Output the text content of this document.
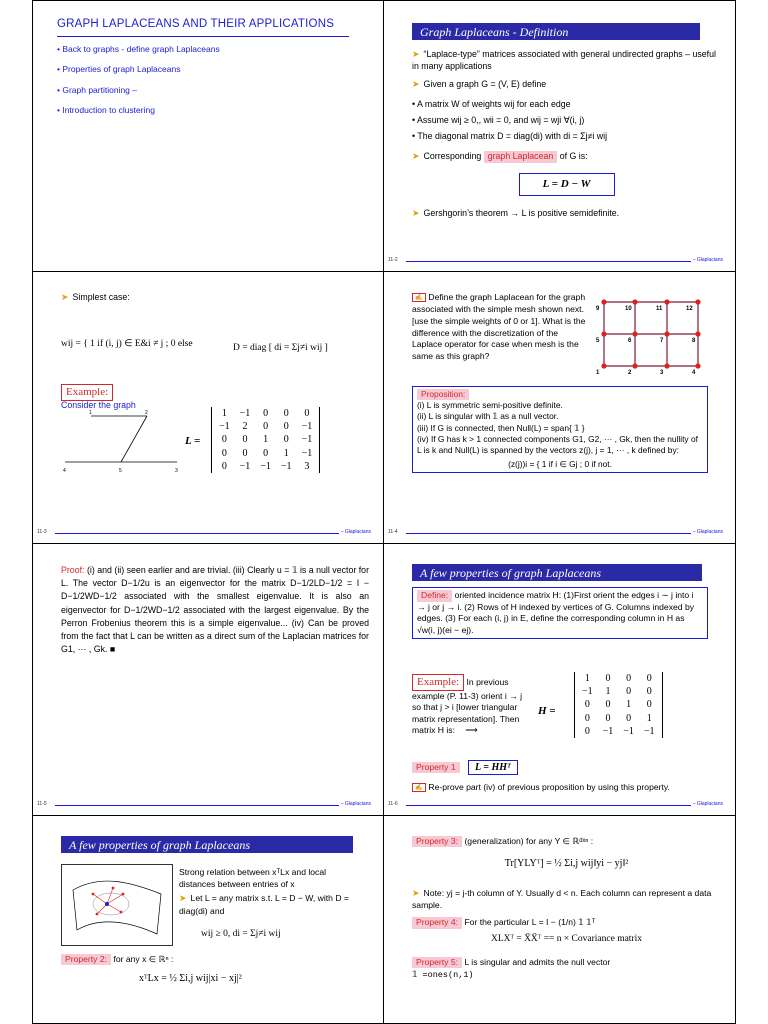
GRAPH LAPLACEANS AND THEIR APPLICATIONS
• Back to graphs - define graph Laplaceans
• Properties of graph Laplaceans
• Graph partitioning –
• Introduction to clustering
Graph Laplaceans - Definition
➤ “Laplace-type” matrices associated with general undirected graphs – useful in many applications
➤ Given a graph G = (V, E) define
• A matrix W of weights wij for each edge
• Assume wij ≥ 0,, wii = 0, and wij = wji ∀(i, j)
• The diagonal matrix D = diag(di) with di = Σj≠i wij
➤ Corresponding graph Laplacean of G is:
L = D − W
➤ Gershgorin’s theorem → L is positive semidefinite.
11-2	– Glaplacians
➤ Simplest case:
wij = { 1 if (i, j) ∈ E&i ≠ j ; 0 else	D = diag [ di = Σj≠i wij ]
Example:
Consider the graph
1	2
3
4	5
L =
1	−1	0	0	0
−1	2	0	0	−1
0	0	1	0	−1
0	0	0	1	−1
0	−1	−1	−1	3
11-3	– Glaplacians
✍ Define the graph Laplacean for the graph associated with the simple mesh shown next. [use the simple weights of 0 or 1]. What is the difference with the discretization of the Laplace operator for case when mesh is the same as this graph?
9	10	11	12
5	6	7	8
1	2	3	4
Proposition:
(i) L is symmetric semi-positive definite.
(ii) L is singular with 𝟙 as a null vector.
(iii) If G is connected, then Null(L) = span{ 𝟙 }
(iv) If G has k > 1 connected components G1, G2, ··· , Gk, then the nullity of L is k and Null(L) is spanned by the vectors z(j), j = 1, ··· , k defined by:
(z(j))i = { 1 if i ∈ Gj ; 0 if not.
11-4	– Glaplacians
Proof: (i) and (ii) seen earlier and are trivial. (iii) Clearly u = 𝟙 is a null vector for L. The vector D−1/2u is an eigenvector for the matrix D−1/2LD−1/2 = I − D−1/2WD−1/2 associated with the smallest eigenvalue. It is also an eigenvector for D−1/2WD−1/2 associated with the largest eigenvalue. By the Perron Frobenius theorem this is a simple eigenvalue... (iv) Can be proved from the fact that L can be written as a direct sum of the Laplacian matrices for G1, ··· , Gk. ■
11-5	– Glaplacians
A few properties of graph Laplaceans
Define: oriented incidence matrix H: (1)First orient the edges i ∼ j into i → j or j → i. (2) Rows of H indexed by vertices of G. Columns indexed by edges. (3) For each (i, j) in E, define the corresponding column in H as √w(i, j)(ei − ej).
Example: In previous example (P. 11-3) orient i → j so that j > i [lower triangular matrix representation]. Then matrix H is: ⟶
H =
1	0	0	0
−1	1	0	0
0	0	1	0
0	0	0	1
0	−1	−1	−1
Property 1 L = HHᵀ
✍ Re-prove part (iv) of previous proposition by using this property.
11-6	– Glaplacians
A few properties of graph Laplaceans
Strong relation between xᵀLx and local distances between entries of x
➤ Let L = any matrix s.t. L = D − W, with D = diag(di) and
wij ≥ 0, di = Σj≠i wij
Property 2: for any x ∈ ℝⁿ :
xᵀLx = ½ Σi,j wij|xi − xj|²
Property 3: (generalization) for any Y ∈ ℝᵈˣⁿ :
Tr[YLYᵀ] = ½ Σi,j wij‖yi − yj‖²
➤ Note: yj = j-th column of Y. Usually d < n. Each column can represent a data sample.
Property 4: For the particular L = I − (1/n) 𝟙 𝟙ᵀ
XLXᵀ = X̄X̄ᵀ == n × Covariance matrix
Property 5: L is singular and admits the null vector
𝟙 =ones(n,1)
